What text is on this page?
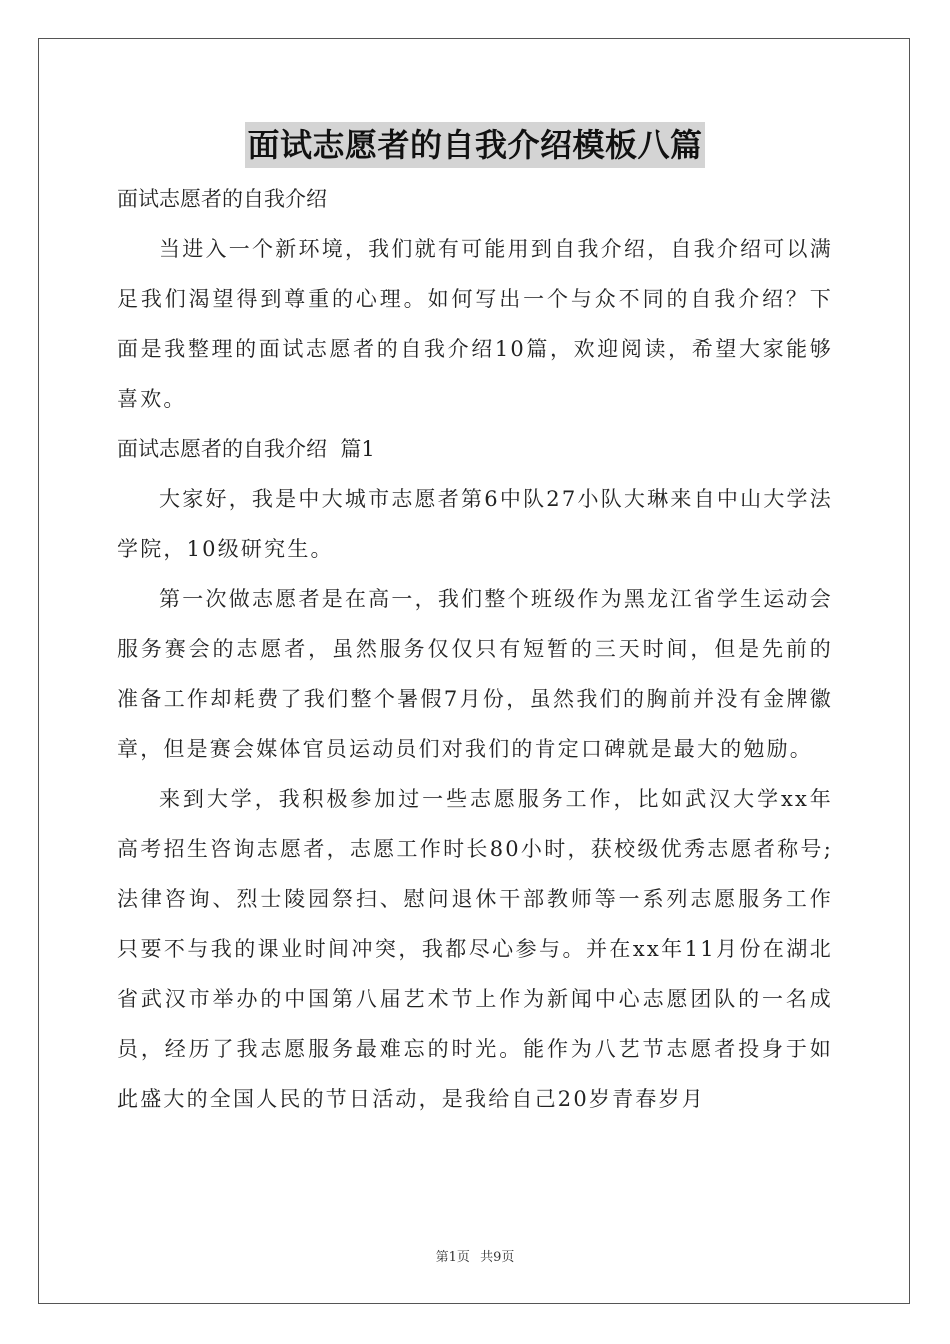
面试志愿者的自我介绍模板八篇

面试志愿者的自我介绍

当进入一个新环境，我们就有可能用到自我介绍，自我介绍可以满足我们渴望得到尊重的心理。如何写出一个与众不同的自我介绍？下面是我整理的面试志愿者的自我介绍10篇，欢迎阅读，希望大家能够喜欢。

面试志愿者的自我介绍  篇1

大家好，我是中大城市志愿者第6中队27小队大琳来自中山大学法学院，10级研究生。

第一次做志愿者是在高一，我们整个班级作为黑龙江省学生运动会服务赛会的志愿者，虽然服务仅仅只有短暂的三天时间，但是先前的准备工作却耗费了我们整个暑假7月份，虽然我们的胸前并没有金牌徽章，但是赛会媒体官员运动员们对我们的肯定口碑就是最大的勉励。

来到大学，我积极参加过一些志愿服务工作，比如武汉大学xx年高考招生咨询志愿者，志愿工作时长80小时，获校级优秀志愿者称号;法律咨询、烈士陵园祭扫、慰问退休干部教师等一系列志愿服务工作只要不与我的课业时间冲突，我都尽心参与。并在xx年11月份在湖北省武汉市举办的中国第八届艺术节上作为新闻中心志愿团队的一名成员，经历了我志愿服务最难忘的时光。能作为八艺节志愿者投身于如此盛大的全国人民的节日活动，是我给自己20岁青春岁月

第1页 共9页
